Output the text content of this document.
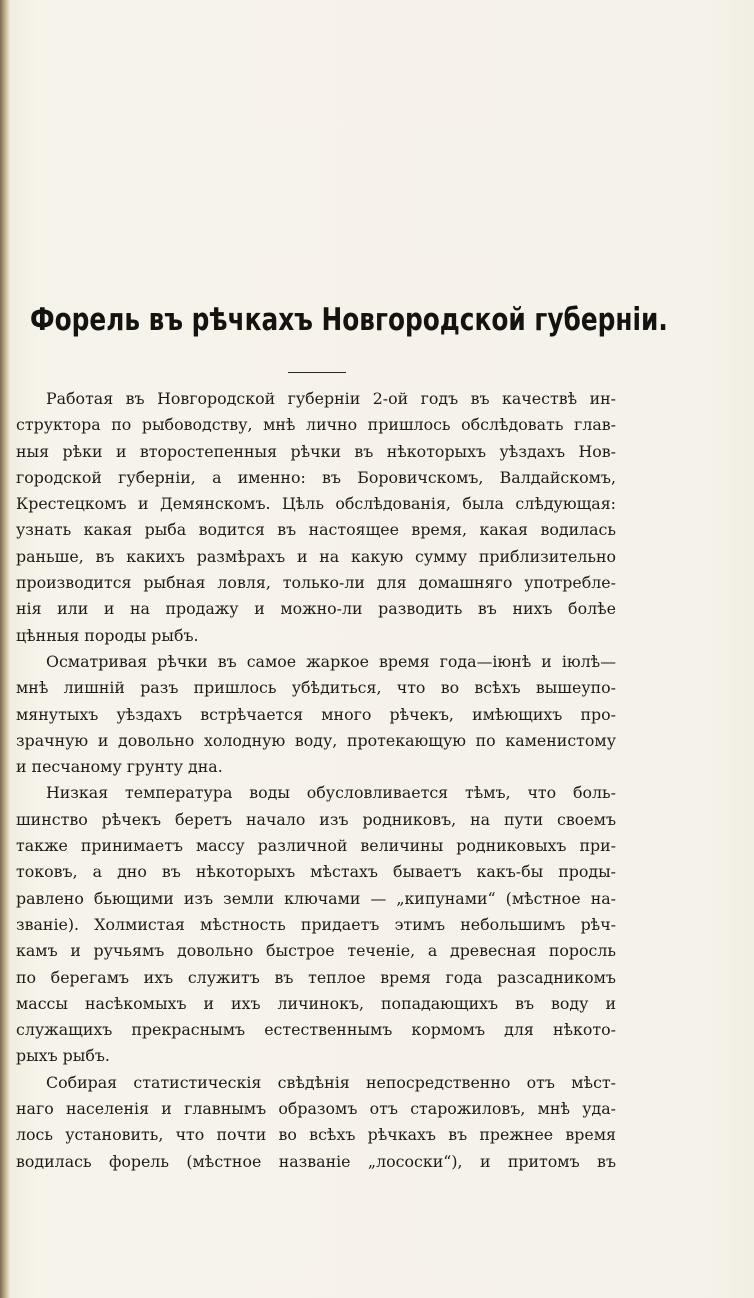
Форель въ рѣчкахъ Новгородской губерніи.
Работая въ Новгородской губерніи 2-ой годъ въ качествѣ ин-
структора по рыбоводству, мнѣ лично пришлось обслѣдовать глав-
ныя рѣки и второстепенныя рѣчки въ нѣкоторыхъ уѣздахъ Нов-
городской губерніи, а именно: въ Боровичскомъ, Валдайскомъ,
Крестецкомъ и Демянскомъ. Цѣль обслѣдованія, была слѣдующая:
узнать какая рыба водится въ настоящее время, какая водилась
раньше, въ какихъ размѣрахъ и на какую сумму приблизительно
производится рыбная ловля, только-ли для домашняго употребле-
нія или и на продажу и можно-ли разводить въ нихъ болѣе
цѣнныя породы рыбъ.
Осматривая рѣчки въ самое жаркое время года—іюнѣ и іюлѣ—
мнѣ лишній разъ пришлось убѣдиться, что во всѣхъ вышеупо-
мянутыхъ уѣздахъ встрѣчается много рѣчекъ, имѣющихъ про-
зрачную и довольно холодную воду, протекающую по каменистому
и песчаному грунту дна.
Низкая температура воды обусловливается тѣмъ, что боль-
шинство рѣчекъ беретъ начало изъ родниковъ, на пути своемъ
также принимаетъ массу различной величины родниковыхъ при-
токовъ, а дно въ нѣкоторыхъ мѣстахъ бываетъ какъ-бы проды-
равлено бьющими изъ земли ключами — „кипунами“ (мѣстное на-
званіе). Холмистая мѣстность придаетъ этимъ небольшимъ рѣч-
камъ и ручьямъ довольно быстрое теченіе, а древесная поросль
по берегамъ ихъ служитъ въ теплое время года разсадникомъ
массы насѣкомыхъ и ихъ личинокъ, попадающихъ въ воду и
служащихъ прекраснымъ естественнымъ кормомъ для нѣкото-
рыхъ рыбъ.
Собирая статистическія свѣдѣнія непосредственно отъ мѣст-
наго населенія и главнымъ образомъ отъ старожиловъ, мнѣ уда-
лось установить, что почти во всѣхъ рѣчкахъ въ прежнее время
водилась форель (мѣстное названіе „лососки“), и притомъ въ
